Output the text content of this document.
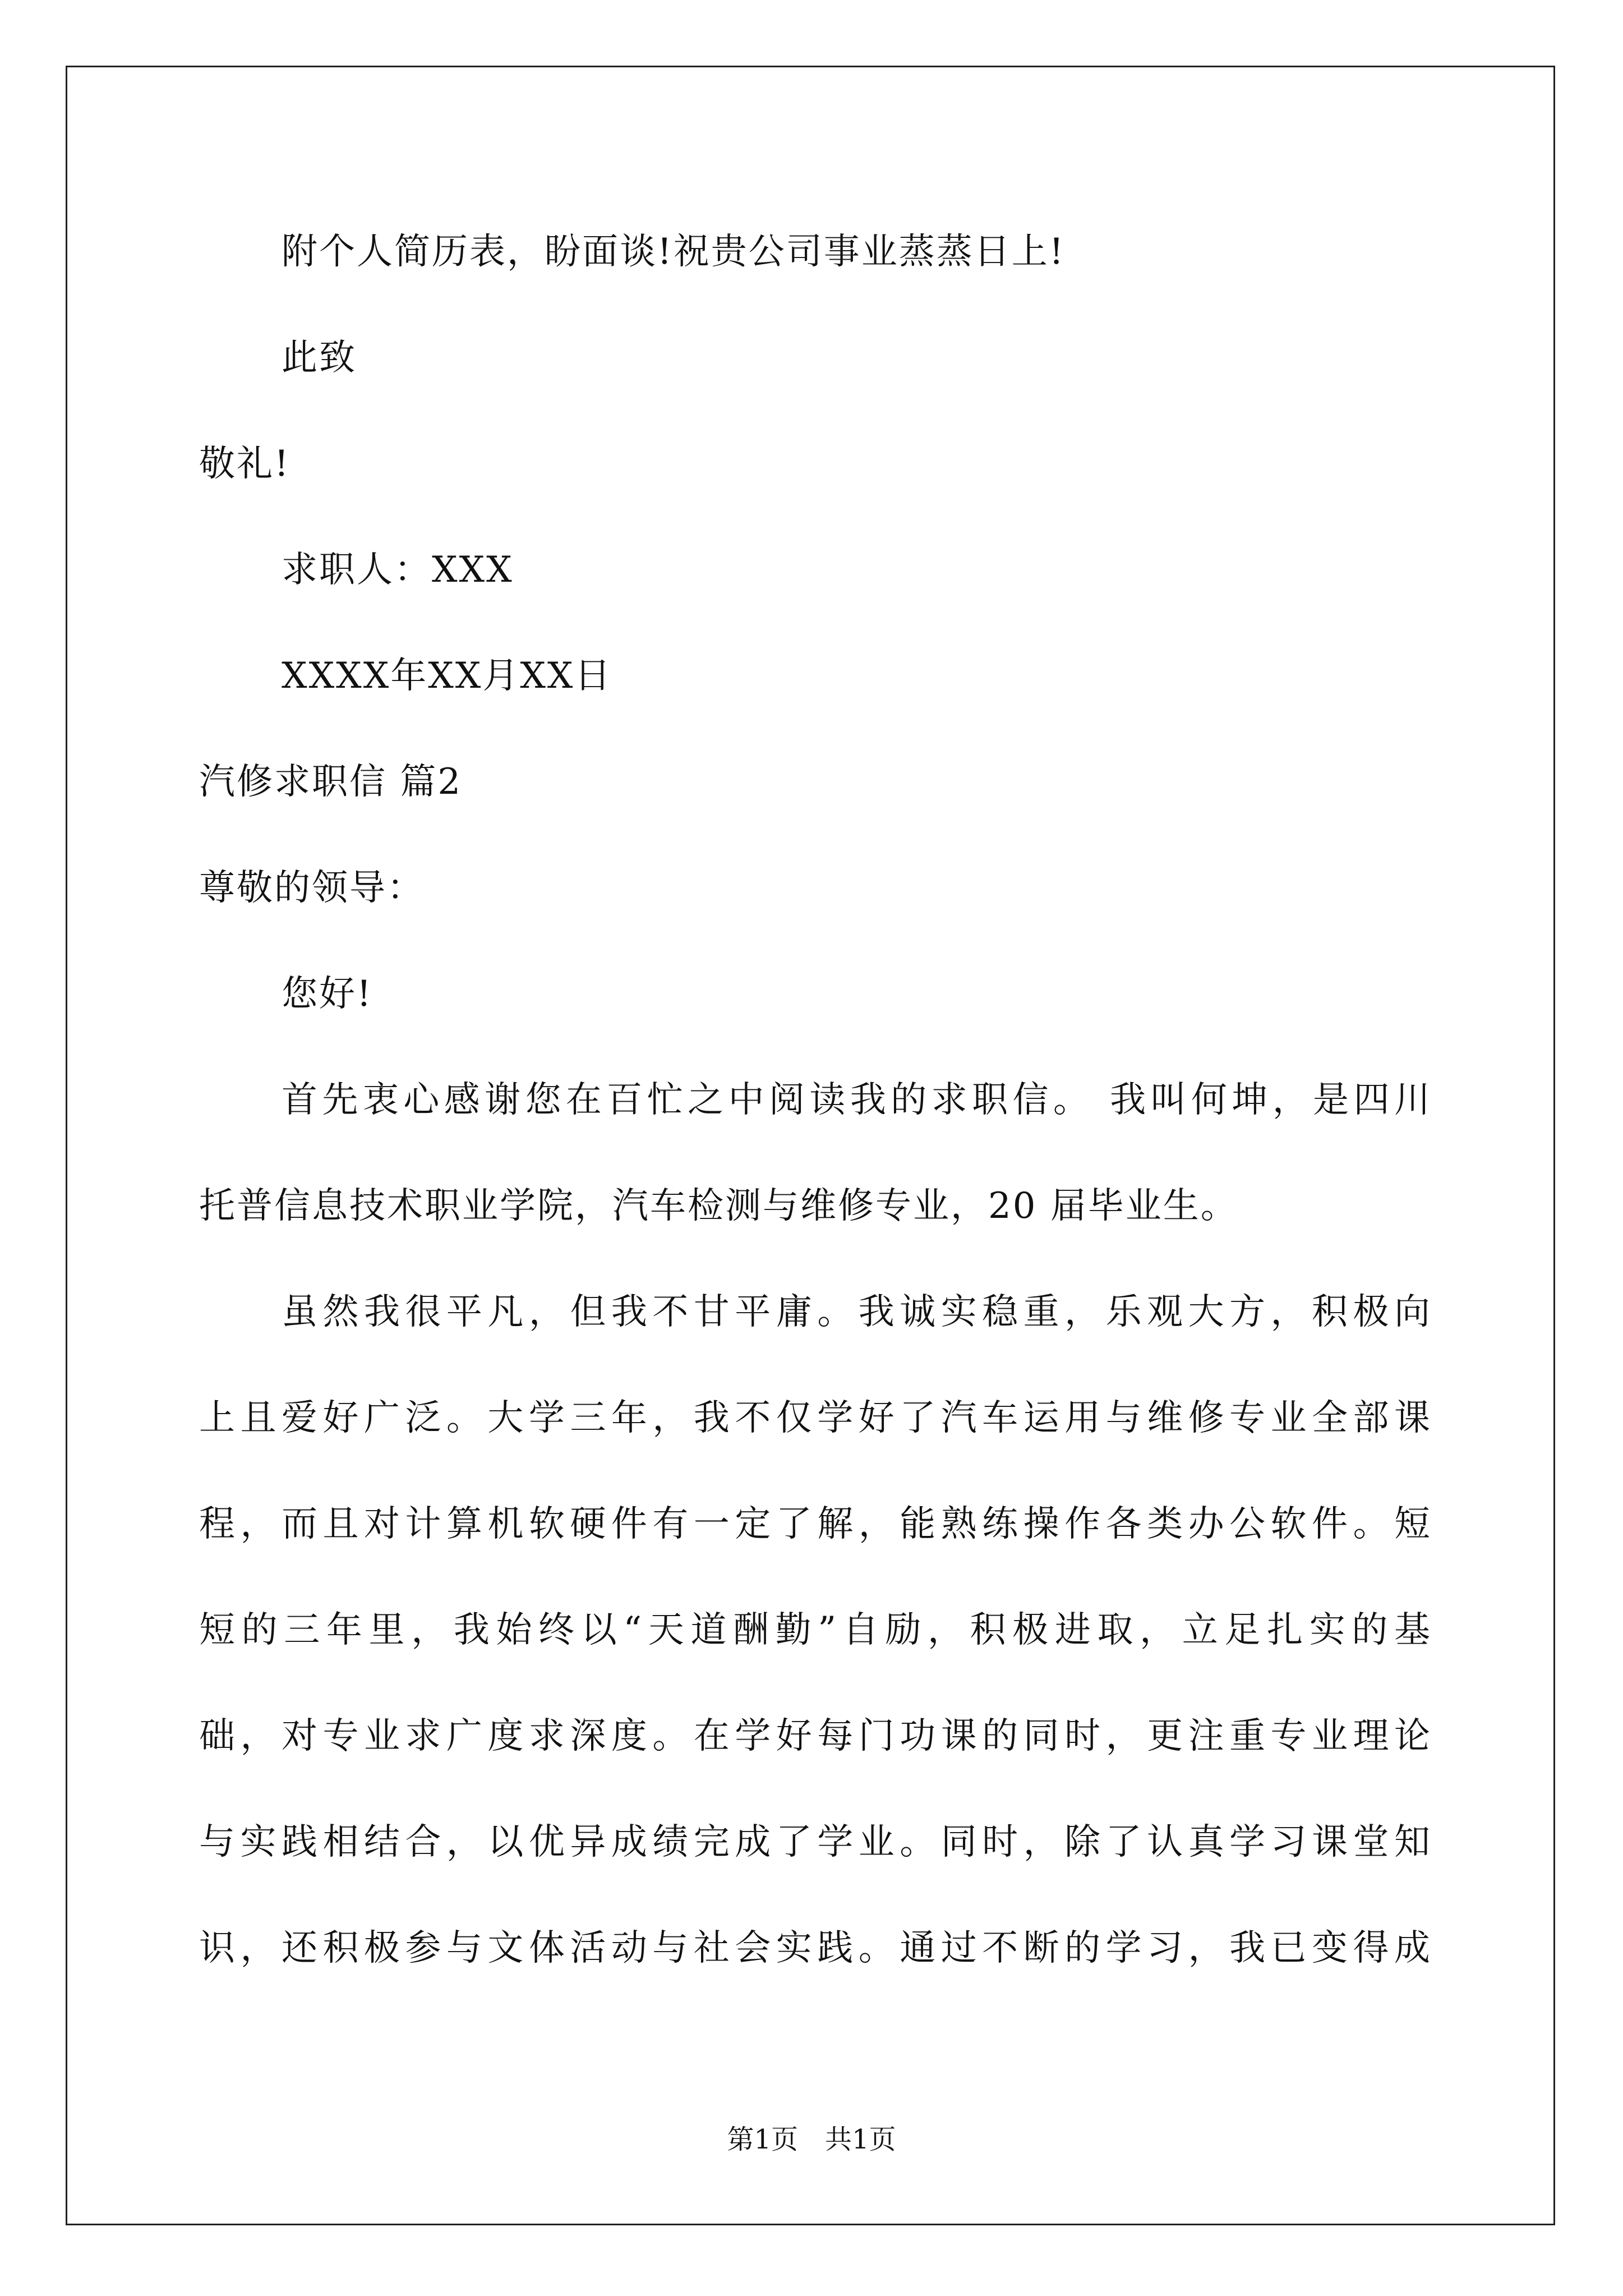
附个人简历表，盼面谈!祝贵公司事业蒸蒸日上!
此致
敬礼!
求职人：XXX
XXXX年XX月XX日
汽修求职信 篇2
尊敬的领导：
您好!
首先衷心感谢您在百忙之中阅读我的求职信。 我叫何坤，是四川
托普信息技术职业学院，汽车检测与维修专业，20 届毕业生。
虽然我很平凡，但我不甘平庸。我诚实稳重，乐观大方，积极向
上且爱好广泛。大学三年，我不仅学好了汽车运用与维修专业全部课
程，而且对计算机软硬件有一定了解，能熟练操作各类办公软件。短
短的三年里，我始终以“天道酬勤”自励，积极进取，立足扎实的基
础，对专业求广度求深度。在学好每门功课的同时，更注重专业理论
与实践相结合，以优异成绩完成了学业。同时，除了认真学习课堂知
识，还积极参与文体活动与社会实践。通过不断的学习，我已变得成
第1页　共1页
